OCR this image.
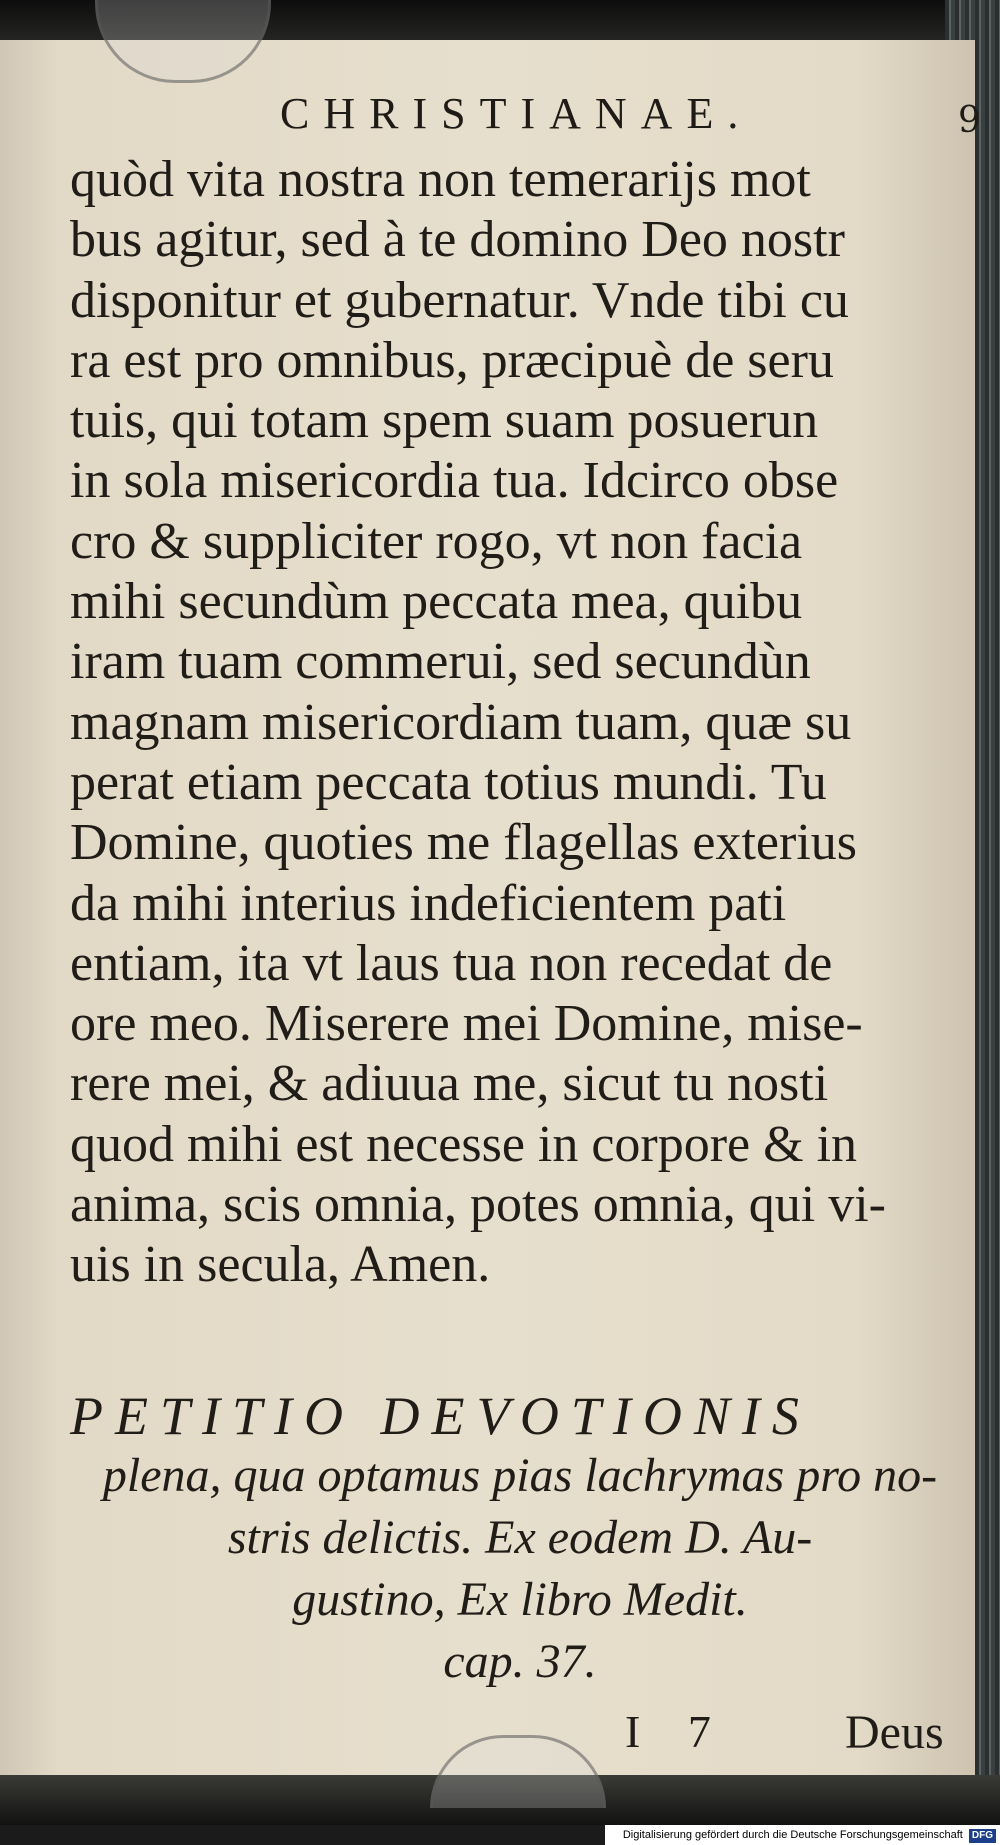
CHRISTIANAE.	9
quòd vita nostra non temerarijs mot
bus agitur, sed à te domino Deo nostr
disponitur et gubernatur. Vnde tibi cu
ra est pro omnibus, præcipuè de seru
tuis, qui totam spem suam posuerun
in sola misericordia tua. Idcirco obse
cro & suppliciter rogo, vt non facia
mihi secundùm peccata mea, quibu
iram tuam commerui, sed secundùn
magnam misericordiam tuam, quæ su
perat etiam peccata totius mundi. Tu
Domine, quoties me flagellas exterius
da mihi interius indeficientem pati
entiam, ita vt laus tua non recedat de
ore meo. Miserere mei Domine, mise-
rere mei, & adiuua me, sicut tu nosti
quod mihi est necesse in corpore & in
anima, scis omnia, potes omnia, qui vi-
uis in secula, Amen.
PETITIO DEVOTIONIS
plena, qua optamus pias lachrymas pro no-
stris delictis. Ex eodem D. Au-
gustino, Ex libro Medit.
cap. 37.
I 7 Deus
Digitalisierung gefördert durch die Deutsche Forschungsgemeinschaft DFG
